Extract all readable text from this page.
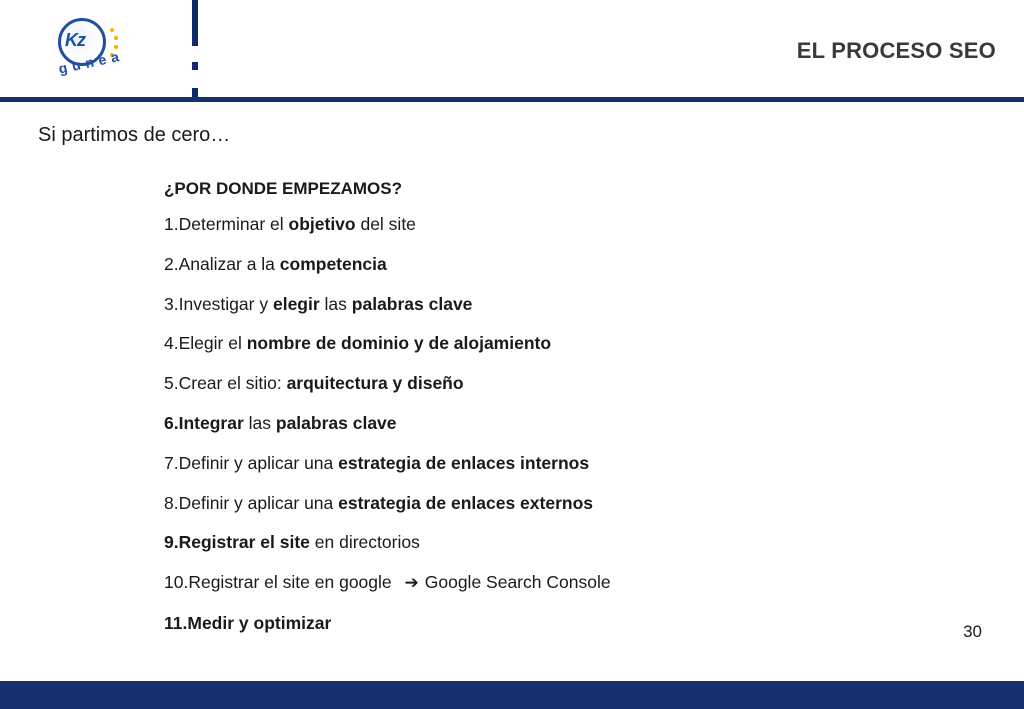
Kz
gunea	EL PROCESO SEO
Si partimos de cero…
¿POR DONDE EMPEZAMOS?
1.Determinar el objetivo del site
2.Analizar a la competencia
3.Investigar y elegir las palabras clave
4.Elegir el nombre de dominio y de alojamiento
5.Crear el sitio: arquitectura y diseño
6.Integrar las palabras clave
7.Definir y aplicar una estrategia de enlaces internos
8.Definir y aplicar una estrategia de enlaces externos
9.Registrar el site en directorios
10.Registrar el site en google ➔ Google Search Console
11.Medir y optimizar	30
